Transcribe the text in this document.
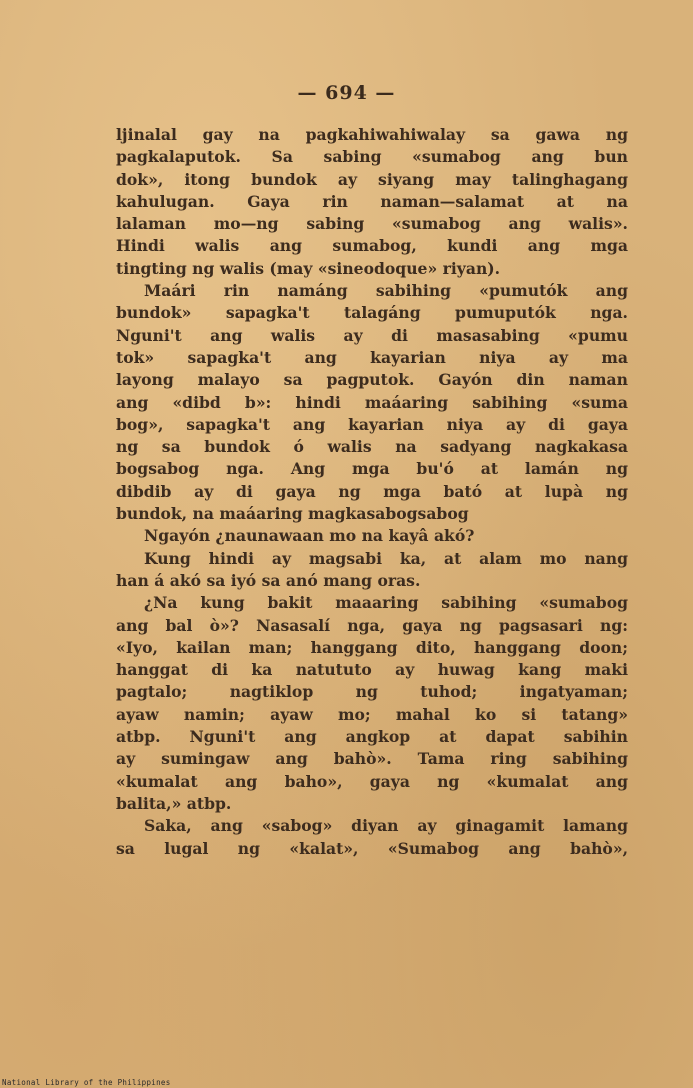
— 694 —
ljinalal gay na pagkahiwahiwalay sa gawa ng
pagkalaputok. Sa sabing «sumabog ang bun
dok», itong bundok ay siyang may talinghagang
kahulugan. Gaya rin naman—salamat at na
lalaman mo—ng sabing «sumabog ang walis».
Hindi walis ang sumabog, kundi ang mga
tingting ng walis (may «sineodoque» riyan).
Maári rin namáng sabihing «pumutók ang
bundok» sapagka't talagáng pumuputók nga.
Nguni't ang walis ay di masasabing «pumu
tok» sapagka't ang kayarian niya ay ma
layong malayo sa pagputok. Gayón din naman
ang «dibd b»: hindi maáaring sabihing «suma
bog», sapagka't ang kayarian niya ay di gaya
ng sa bundok ó walis na sadyang nagkakasa
bogsabog nga. Ang mga bu'ó at lamán ng
dibdib ay di gaya ng mga bató at lupà ng
bundok, na maáaring magkasabogsabog
Ngayón ¿naunawaan mo na kayâ akó?
Kung hindi ay magsabi ka, at alam mo nang
han á akó sa iyó sa anó mang oras.
¿Na kung bakit maaaring sabihing «sumabog
ang bal ò»? Nasasalí nga, gaya ng pagsasari ng:
«Iyo, kailan man; hanggang dito, hanggang doon;
hanggat di ka natututo ay huwag kang maki
pagtalo; nagtiklop ng tuhod; ingatyaman;
ayaw namin; ayaw mo; mahal ko si tatang»
atbp. Nguni't ang angkop at dapat sabihin
ay sumingaw ang bahò». Tama ring sabihing
«kumalat ang baho», gaya ng «kumalat ang
balita,» atbp.
Saka, ang «sabog» diyan ay ginagamit lamang
sa lugal ng «kalat», «Sumabog ang bahò»,
National Library of the Philippines
